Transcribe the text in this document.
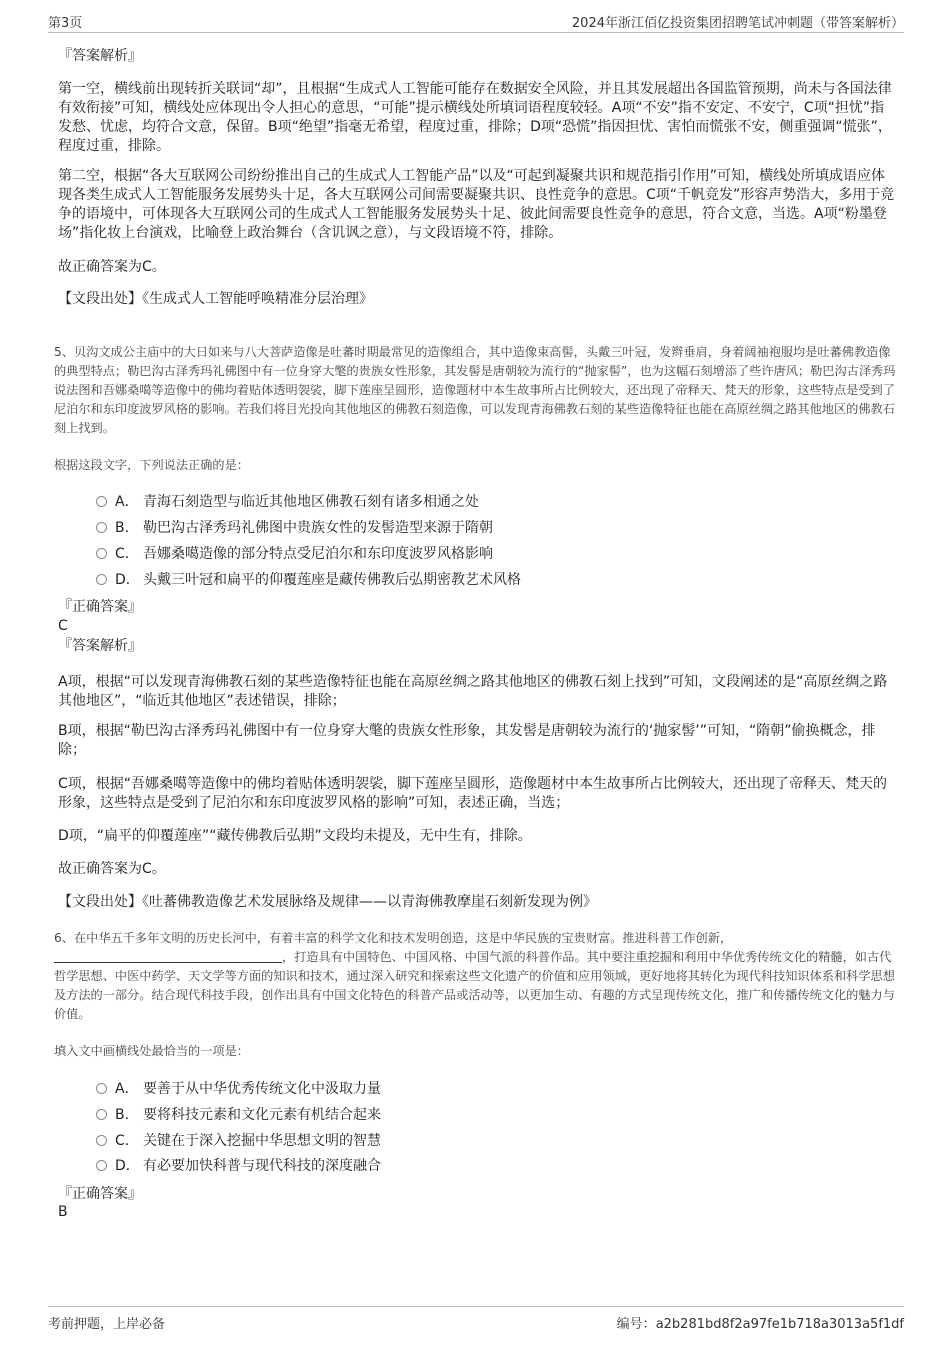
第3页	2024年浙江佰亿投资集团招聘笔试冲刺题（带答案解析）

『答案解析』

第一空，横线前出现转折关联词“却”，且根据“生成式人工智能可能存在数据安全风险，并且其发展超出各国监管预期，尚未与各国法律有效衔接”可知，横线处应体现出令人担心的意思，“可能”提示横线处所填词语程度较轻。A项“不安”指不安定、不安宁，C项“担忧”指发愁、忧虑，均符合文意，保留。B项“绝望”指毫无希望，程度过重，排除；D项“恐慌”指因担忧、害怕而慌张不安，侧重强调“慌张”，程度过重，排除。

第二空，根据“各大互联网公司纷纷推出自己的生成式人工智能产品”以及“可起到凝聚共识和规范指引作用”可知，横线处所填成语应体现各类生成式人工智能服务发展势头十足，各大互联网公司间需要凝聚共识、良性竞争的意思。C项“千帆竞发”形容声势浩大，多用于竞争的语境中，可体现各大互联网公司的生成式人工智能服务发展势头十足、彼此间需要良性竞争的意思，符合文意，当选。A项“粉墨登场”指化妆上台演戏，比喻登上政治舞台（含讥讽之意），与文段语境不符，排除。

故正确答案为C。

【文段出处】《生成式人工智能呼唤精准分层治理》

5、贝沟文成公主庙中的大日如来与八大菩萨造像是吐蕃时期最常见的造像组合，其中造像束高髻，头戴三叶冠，发辫垂肩，身着阔袖袍服均是吐蕃佛教造像的典型特点；勒巴沟古泽秀玛礼佛图中有一位身穿大氅的贵族女性形象，其发髻是唐朝较为流行的“抛家髻”，也为这幅石刻增添了些许唐风；勒巴沟古泽秀玛说法图和吾娜桑噶等造像中的佛均着贴体透明袈裟，脚下莲座呈圆形，造像题材中本生故事所占比例较大，还出现了帝释天、梵天的形象，这些特点是受到了尼泊尔和东印度波罗风格的影响。若我们将目光投向其他地区的佛教石刻造像，可以发现青海佛教石刻的某些造像特征也能在高原丝绸之路其他地区的佛教石刻上找到。

根据这段文字，下列说法正确的是：

A． 青海石刻造型与临近其他地区佛教石刻有诸多相通之处
B. 勒巴沟古泽秀玛礼佛图中贵族女性的发髻造型来源于隋朝
C． 吾娜桑噶造像的部分特点受尼泊尔和东印度波罗风格影响
D． 头戴三叶冠和扁平的仰覆莲座是藏传佛教后弘期密教艺术风格

『正确答案』

C

『答案解析』

A项，根据“可以发现青海佛教石刻的某些造像特征也能在高原丝绸之路其他地区的佛教石刻上找到”可知，文段阐述的是“高原丝绸之路其他地区”，“临近其他地区”表述错误，排除；

B项，根据“勒巴沟古泽秀玛礼佛图中有一位身穿大氅的贵族女性形象，其发髻是唐朝较为流行的‘抛家髻’”可知，“隋朝”偷换概念，排除；

C项，根据“吾娜桑噶等造像中的佛均着贴体透明袈裟，脚下莲座呈圆形，造像题材中本生故事所占比例较大，还出现了帝释天、梵天的形象，这些特点是受到了尼泊尔和东印度波罗风格的影响”可知，表述正确，当选；

D项，“扁平的仰覆莲座”“藏传佛教后弘期”文段均未提及，无中生有，排除。

故正确答案为C。

【文段出处】《吐蕃佛教造像艺术发展脉络及规律——以青海佛教摩崖石刻新发现为例》

6、在中华五千多年文明的历史长河中，有着丰富的科学文化和技术发明创造，这是中华民族的宝贵财富。推进科普工作创新，，打造具有中国特色、中国风格、中国气派的科普作品。其中要注重挖掘和利用中华优秀传统文化的精髓，如古代哲学思想、中医中药学、天文学等方面的知识和技术，通过深入研究和探索这些文化遗产的价值和应用领域，更好地将其转化为现代科技知识体系和科学思想及方法的一部分。结合现代科技手段，创作出具有中国文化特色的科普产品或活动等，以更加生动、有趣的方式呈现传统文化，推广和传播传统文化的魅力与价值。

填入文中画横线处最恰当的一项是：

A． 要善于从中华优秀传统文化中汲取力量
B. 要将科技元素和文化元素有机结合起来
C． 关键在于深入挖掘中华思想文明的智慧
D． 有必要加快科普与现代科技的深度融合

『正确答案』

B

考前押题，上岸必备	编号：a2b281bd8f2a97fe1b718a3013a5f1df
